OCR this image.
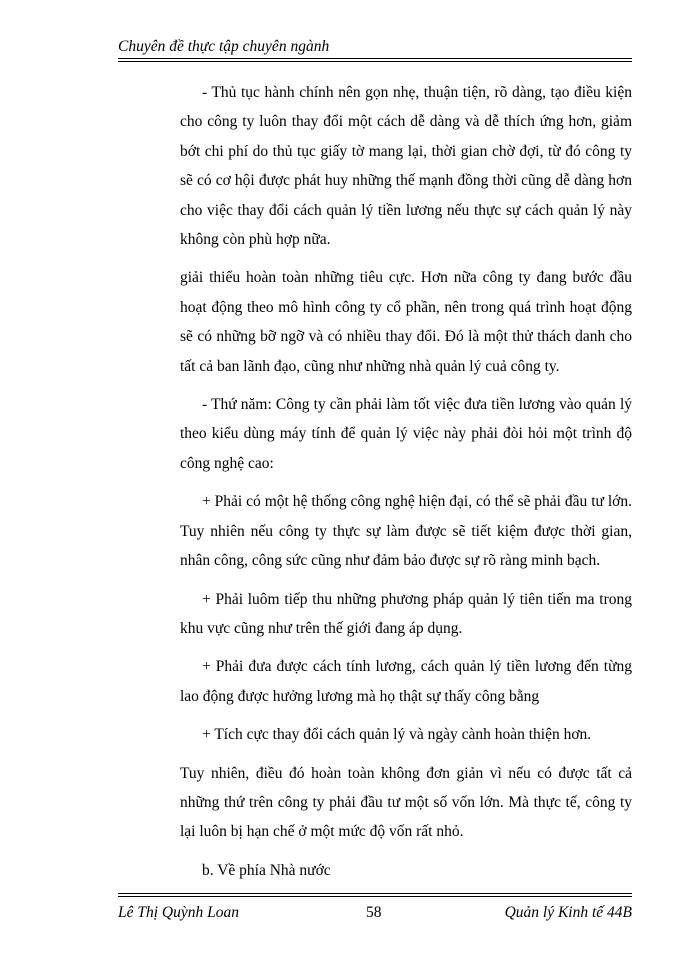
Chuyên đề thực tập chuyên ngành

- Thủ tục hành chính nên gọn nhẹ, thuận tiện, rõ dàng, tạo điều kiện cho công ty luôn thay đổi một cách dễ dàng và dễ thích ứng hơn, giảm bớt chi phí do thủ tục giấy tờ mang lại, thời gian chờ đợi, từ đó công ty sẽ có cơ hội được phát huy những thế mạnh đồng thời cũng dễ dàng hơn cho việc thay đổi cách quản lý tiền lương nếu thực sự cách quản lý này không còn phù hợp nữa.

giải thiểu hoàn toàn những tiêu cực. Hơn nữa công ty đang bước đầu hoạt động theo mô hình công ty cổ phần, nên trong quá trình hoạt động sẽ có những bỡ ngỡ và có nhiều thay đổi. Đó là một thử thách danh cho tất cả ban lãnh đạo, cũng như những nhà quản lý cuả công ty.

- Thứ năm: Công ty cần phải làm tốt việc đưa tiền lương vào quản lý theo kiểu dùng máy tính để quản lý việc này phải đòi hỏi một trình độ công nghệ cao:

+ Phải có một hệ thống công nghệ hiện đại, có thể sẽ phải đầu tư lớn. Tuy nhiên nếu công ty thực sự làm được sẽ tiết kiệm được thời gian, nhân công, công sức cũng như đảm bảo được sự rõ ràng minh bạch.

+ Phải luôm tiếp thu những phương pháp quản lý tiên tiến ma trong khu vực cũng như trên thế giới đang áp dụng.

+ Phải đưa được cách tính lương, cách quản lý tiền lương đến từng lao động được hưởng lương mà họ thật sự thấy công bằng

+ Tích cực thay đổi cách quản lý và ngày cành hoàn thiện hơn.

Tuy nhiên, điều đó hoàn toàn không đơn giản vì nếu có được tất cả những thứ trên công ty phải đầu tư một số vốn lớn. Mà thực tế, công ty lại luôn bị hạn chế ở một mức độ vốn rất nhỏ.

b. Về phía Nhà nước

Lê Thị Quỳnh Loan	58	Quản lý Kinh tế 44B
